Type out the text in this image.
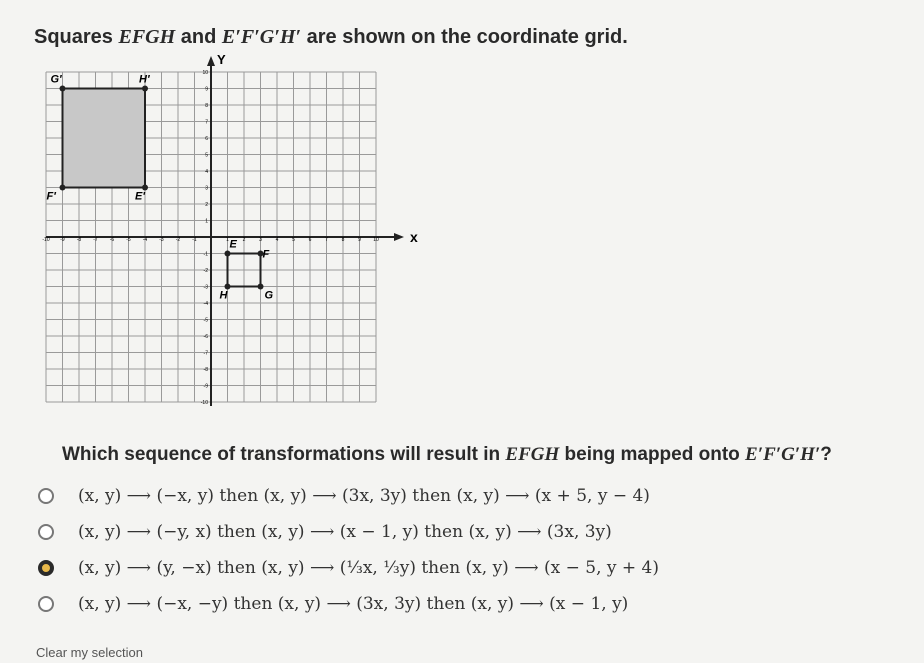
Squares EFGH and E′F′G′H′ are shown on the coordinate grid.
x
Y
-10 -9 -8 -7 -6 -5 -4 -3 -2 -1	1	2	3	4	5	6	7	8	9 10
10
9
8
7
6
5
4
3
2
1
-1
-2
-3
-4
-5
-6
-7
-8
-9
-10
G′	H′
F′	E′
E
F
H	G
Which sequence of transformations will result in EFGH being mapped onto E′F′G′H′?
(x, y) ⟶ (−x, y) then (x, y) ⟶ (3x, 3y) then (x, y) ⟶ (x + 5, y − 4)
(x, y) ⟶ (−y, x) then (x, y) ⟶ (x − 1, y) then (x, y) ⟶ (3x, 3y)
(x, y) ⟶ (y, −x) then (x, y) ⟶ (⅓x, ⅓y) then (x, y) ⟶ (x − 5, y + 4)
(x, y) ⟶ (−x, −y) then (x, y) ⟶ (3x, 3y) then (x, y) ⟶ (x − 1, y)
Clear my selection
